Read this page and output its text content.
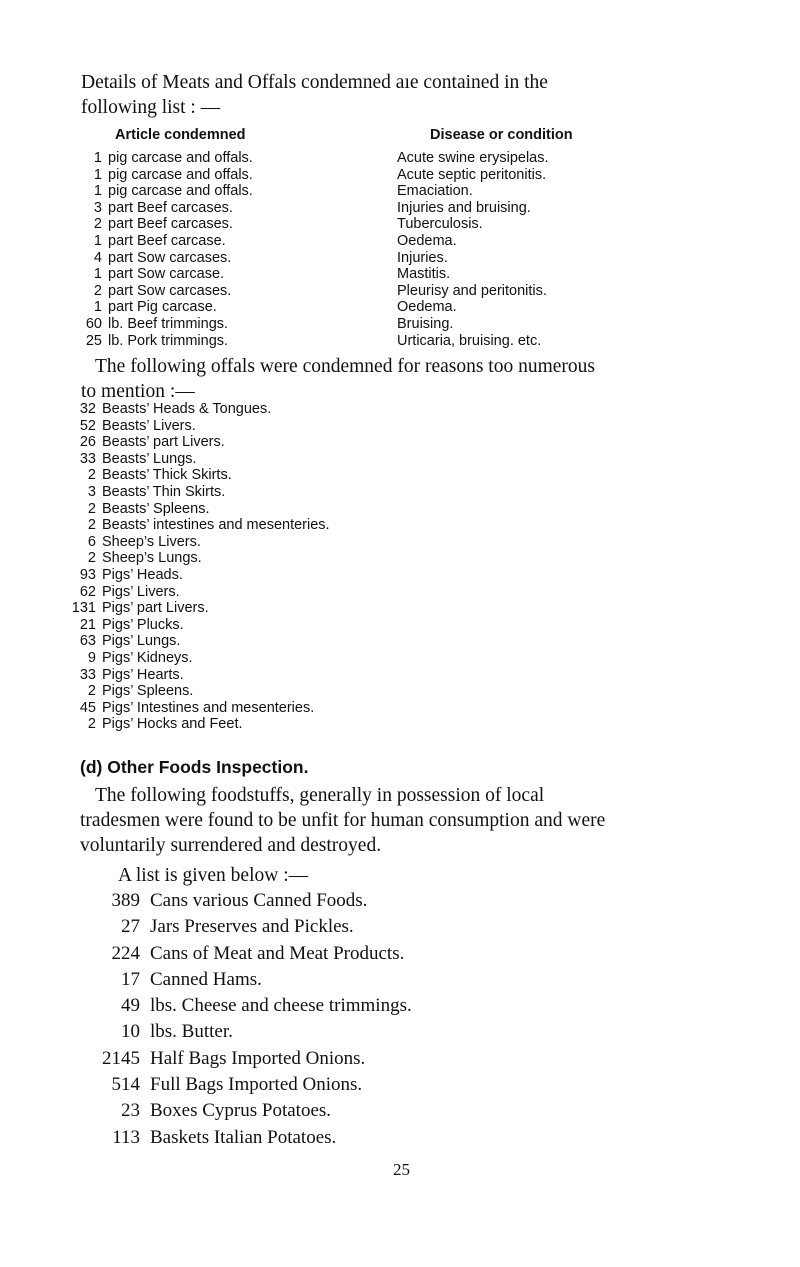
Details of Meats and Offals condemned aıe contained in the
following list : —
Article condemned	Disease or condition
1 pig carcase and offals.
1 pig carcase and offals.
1 pig carcase and offals.
3 part Beef carcases.
2 part Beef carcases.
1 part Beef carcase.
4 part Sow carcases.
1 part Sow carcase.
2 part Sow carcases.
1 part Pig carcase.
60 lb. Beef trimmings.
25 lb. Pork trimmings.
Acute swine erysipelas.
Acute septic peritonitis.
Emaciation.
Injuries and bruising.
Tuberculosis.
Oedema.
Injuries.
Mastitis.
Pleurisy and peritonitis.
Oedema.
Bruising.
Urticaria, bruising. etc.
The following offals were condemned for reasons too numerous
to mention :—
32 Beasts’ Heads & Tongues.
52 Beasts’ Livers.
26 Beasts’ part Livers.
33 Beasts’ Lungs.
2 Beasts’ Thick Skirts.
3 Beasts’ Thin Skirts.
2 Beasts’ Spleens.
2 Beasts’ intestines and mesenteries.
6 Sheep’s Livers.
2 Sheep’s Lungs.
93 Pigs’ Heads.
62 Pigs’ Livers.
131 Pigs’ part Livers.
21 Pigs’ Plucks.
63 Pigs’ Lungs.
9 Pigs’ Kidneys.
33 Pigs’ Hearts.
2 Pigs’ Spleens.
45 Pigs’ Intestines and mesenteries.
2 Pigs’ Hocks and Feet.
(d) Other Foods Inspection.
The following foodstuffs, generally in possession of local
tradesmen were found to be unfit for human consumption and were
voluntarily surrendered and destroyed.
A list is given below :—
389 Cans various Canned Foods.
27 Jars Preserves and Pickles.
224 Cans of Meat and Meat Products.
17 Canned Hams.
49 lbs. Cheese and cheese trimmings.
10 lbs. Butter.
2145 Half Bags Imported Onions.
514 Full Bags Imported Onions.
23 Boxes Cyprus Potatoes.
113 Baskets Italian Potatoes.
25
